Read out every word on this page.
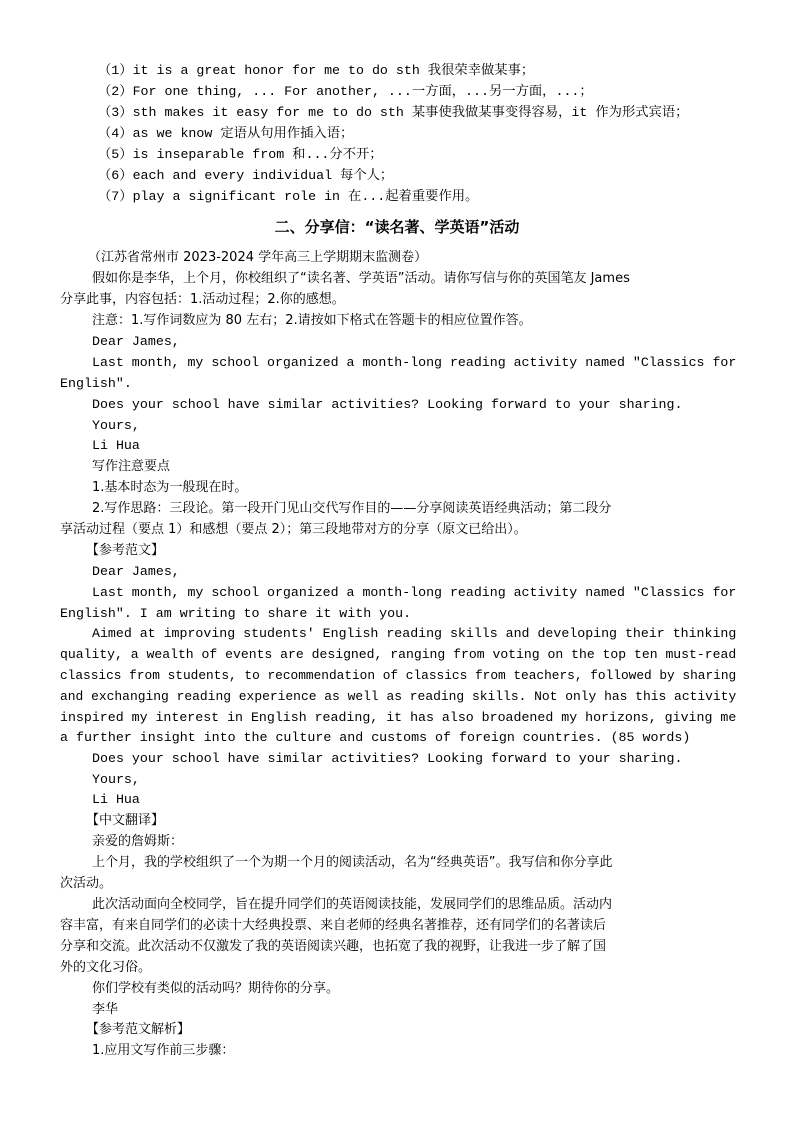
（1）it is a great honor for me to do sth 我很荣幸做某事；
（2）For one thing, ... For another, ...一方面，...另一方面，...；
（3）sth makes it easy for me to do sth 某事使我做某事变得容易，it 作为形式宾语；
（4）as we know 定语从句用作插入语；
（5）is inseparable from 和...分不开；
（6）each and every individual 每个人；
（7）play a significant role in 在...起着重要作用。
二、分享信：“读名著、学英语”活动
（江苏省常州市 2023-2024 学年高三上学期期末监测卷）
假如你是李华，上个月，你校组织了“读名著、学英语”活动。请你写信与你的英国笔友 James
分享此事，内容包括：1.活动过程；2.你的感想。
注意：1.写作词数应为 80 左右；2.请按如下格式在答题卡的相应位置作答。
Dear James,
Last month, my school organized a month-long reading activity named "Classics for
English".
Does your school have similar activities? Looking forward to your sharing.
Yours,
Li Hua
写作注意要点
1.基本时态为一般现在时。
2.写作思路：三段论。第一段开门见山交代写作目的——分享阅读英语经典活动；第二段分
享活动过程（要点 1）和感想（要点 2）；第三段地带对方的分享（原文已给出）。
【参考范文】
Dear James,
Last month, my school organized a month-long reading activity named "Classics for
English". I am writing to share it with you.
Aimed at improving students' English reading skills and developing their thinking
quality, a wealth of events are designed, ranging from voting on the top ten must-read
classics from students, to recommendation of classics from teachers, followed by sharing
and exchanging reading experience as well as reading skills. Not only has this activity
inspired my interest in English reading, it has also broadened my horizons, giving me
a further insight into the culture and customs of foreign countries. (85 words)
Does your school have similar activities? Looking forward to your sharing.
Yours,
Li Hua
【中文翻译】
亲爱的詹姆斯：
上个月，我的学校组织了一个为期一个月的阅读活动，名为“经典英语”。我写信和你分享此
次活动。
此次活动面向全校同学，旨在提升同学们的英语阅读技能，发展同学们的思维品质。活动内
容丰富，有来自同学们的必读十大经典投票、来自老师的经典名著推荐，还有同学们的名著读后
分享和交流。此次活动不仅激发了我的英语阅读兴趣，也拓宽了我的视野，让我进一步了解了国
外的文化习俗。
你们学校有类似的活动吗？期待你的分享。
李华
【参考范文解析】
1.应用文写作前三步骤：
